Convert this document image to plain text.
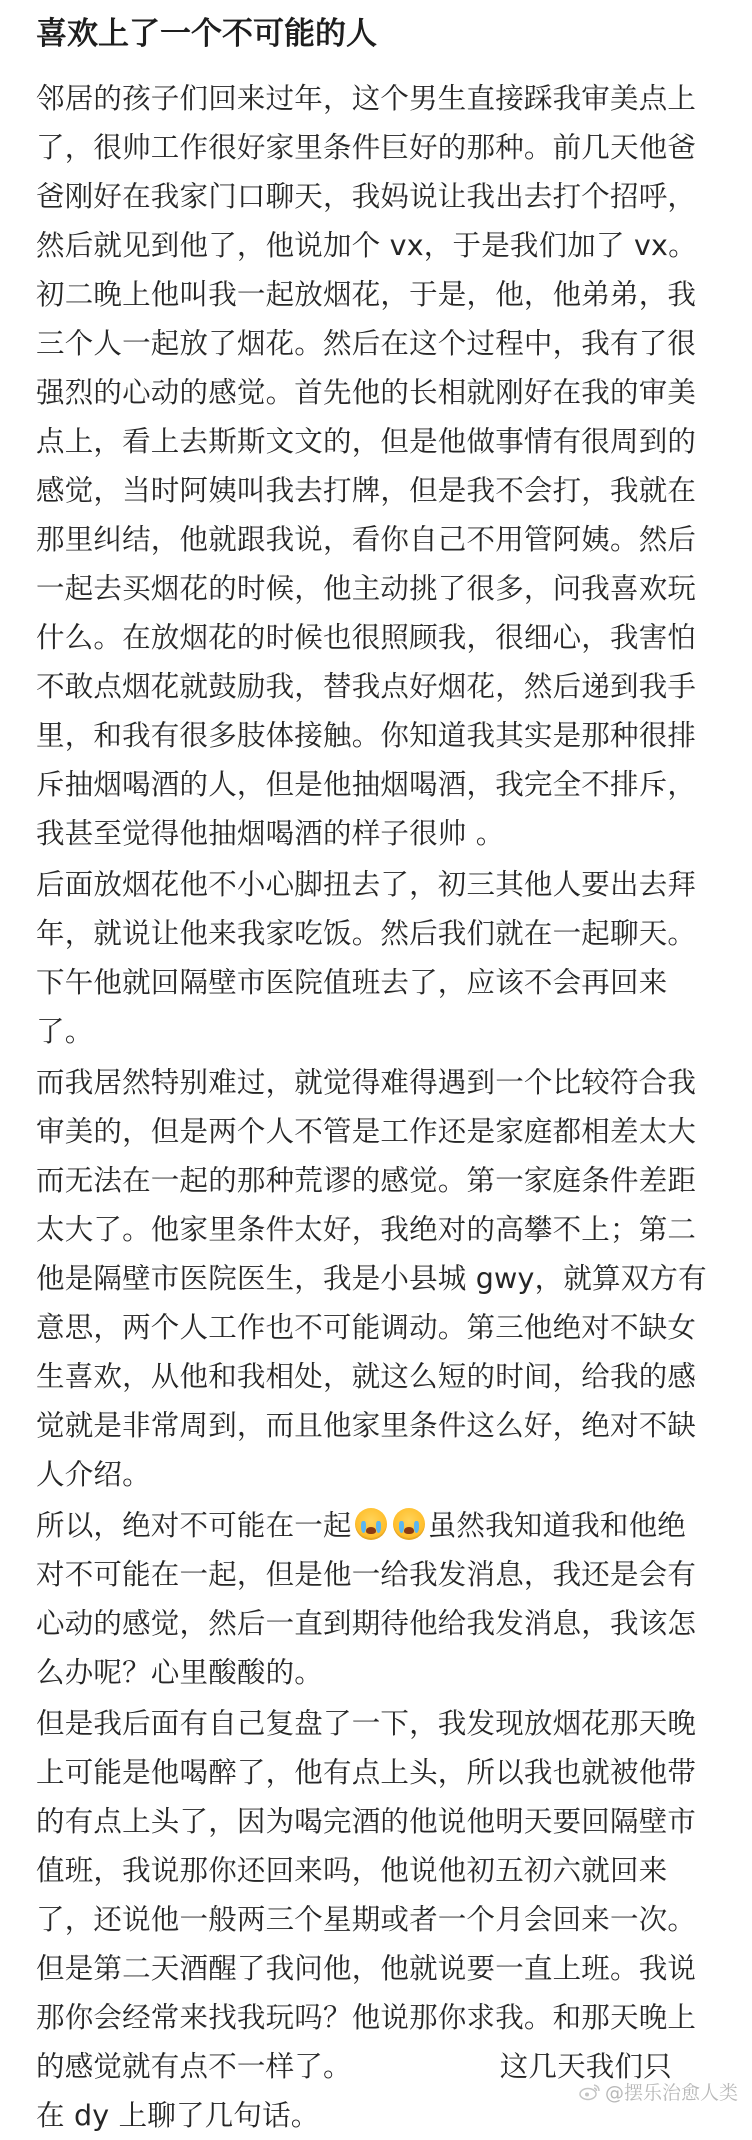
喜欢上了一个不可能的人
邻居的孩子们回来过年，这个男生直接踩我审美点上
了，很帅工作很好家里条件巨好的那种。前几天他爸
爸刚好在我家门口聊天，我妈说让我出去打个招呼，
然后就见到他了，他说加个 vx，于是我们加了 vx。
初二晚上他叫我一起放烟花，于是，他，他弟弟，我
三个人一起放了烟花。然后在这个过程中，我有了很
强烈的心动的感觉。首先他的长相就刚好在我的审美
点上，看上去斯斯文文的，但是他做事情有很周到的
感觉，当时阿姨叫我去打牌，但是我不会打，我就在
那里纠结，他就跟我说，看你自己不用管阿姨。然后
一起去买烟花的时候，他主动挑了很多，问我喜欢玩
什么。在放烟花的时候也很照顾我，很细心，我害怕
不敢点烟花就鼓励我，替我点好烟花，然后递到我手
里，和我有很多肢体接触。你知道我其实是那种很排
斥抽烟喝酒的人，但是他抽烟喝酒，我完全不排斥，
我甚至觉得他抽烟喝酒的样子很帅 。
后面放烟花他不小心脚扭去了，初三其他人要出去拜
年，就说让他来我家吃饭。然后我们就在一起聊天。
下午他就回隔壁市医院值班去了，应该不会再回来
了。
而我居然特别难过，就觉得难得遇到一个比较符合我
审美的，但是两个人不管是工作还是家庭都相差太大
而无法在一起的那种荒谬的感觉。第一家庭条件差距
太大了。他家里条件太好，我绝对的高攀不上；第二
他是隔壁市医院医生，我是小县城 gwy，就算双方有
意思，两个人工作也不可能调动。第三他绝对不缺女
生喜欢，从他和我相处，就这么短的时间，给我的感
觉就是非常周到，而且他家里条件这么好，绝对不缺
人介绍。
所以，绝对不可能在一起	虽然我知道我和他绝
对不可能在一起，但是他一给我发消息，我还是会有
心动的感觉，然后一直到期待他给我发消息，我该怎
么办呢？心里酸酸的。
但是我后面有自己复盘了一下，我发现放烟花那天晚
上可能是他喝醉了，他有点上头，所以我也就被他带
的有点上头了，因为喝完酒的他说他明天要回隔壁市
值班，我说那你还回来吗，他说他初五初六就回来
了，还说他一般两三个星期或者一个月会回来一次。
但是第二天酒醒了我问他，他就说要一直上班。我说
那你会经常来找我玩吗？他说那你求我。和那天晚上
的感觉就有点不一样了。	这几天我们只
在 dy 上聊了几句话。
@摆乐治愈人类
